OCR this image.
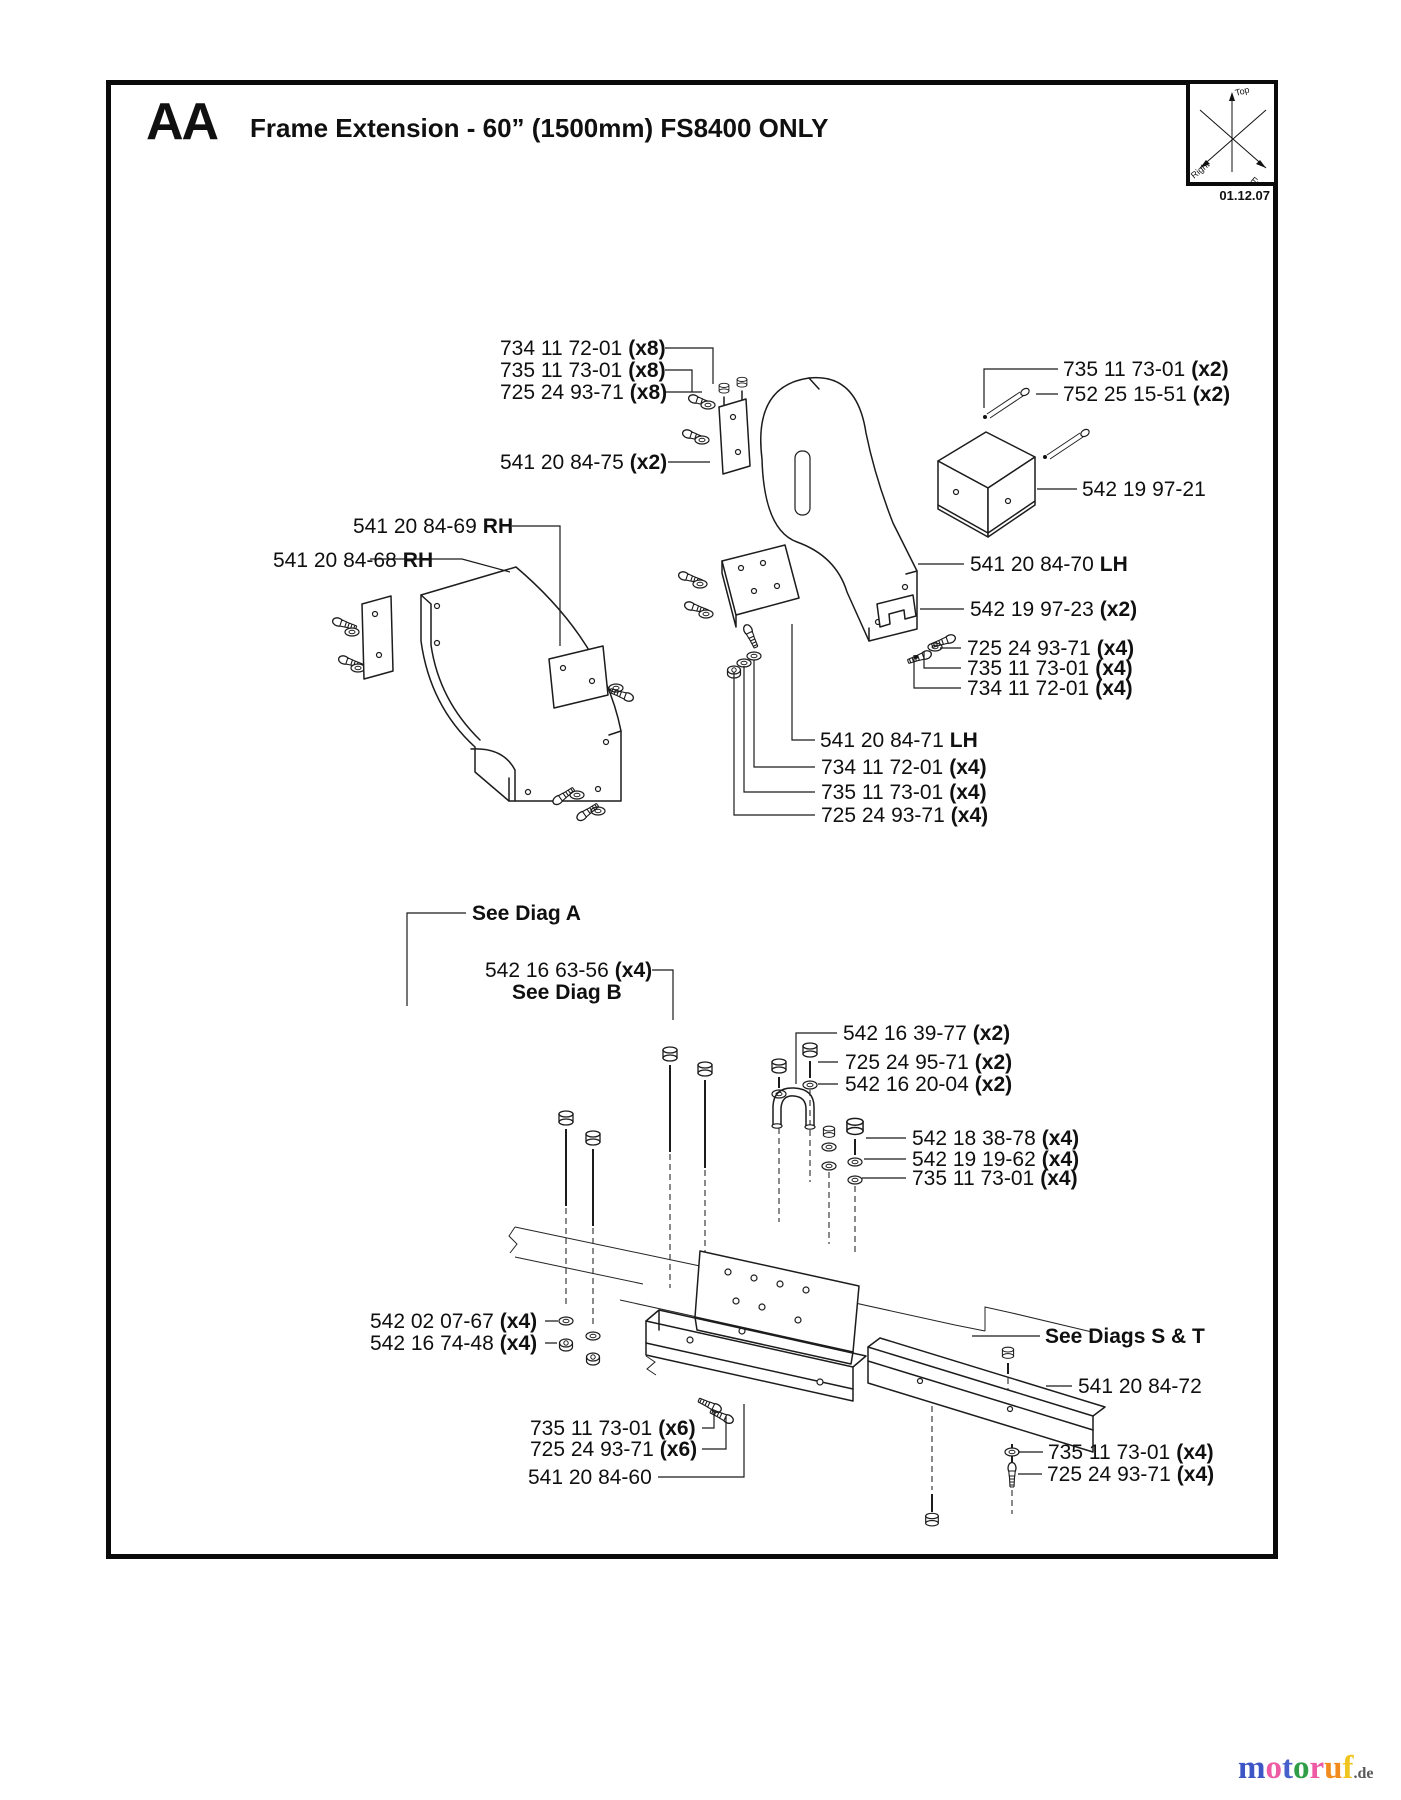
AA Frame Extension - 60” (1500mm) FS8400 ONLY
Top
Right
01.12.07
734 11 72-01 (x8)
735 11 73-01 (x8)
725 24 93-71 (x8)
541 20 84-75 (x2)
735 11 73-01 (x2)
752 25 15-51 (x2)
542 19 97-21
541 20 84-69 RH
541 20 84-68 RH	541 20 84-70 LH
542 19 97-23 (x2)
725 24 93-71 (x4)
735 11 73-01 (x4)
734 11 72-01 (x4)
541 20 84-71 LH
734 11 72-01 (x4)
735 11 73-01 (x4)
725 24 93-71 (x4)
See Diag A
542 16 63-56 (x4)
See Diag B
542 16 39-77 (x2)
725 24 95-71 (x2)
542 16 20-04 (x2)
542 18 38-78 (x4)
542 19 19-62 (x4)
735 11 73-01 (x4)
542 02 07-67 (x4)
542 16 74-48 (x4)	See Diags S & T
541 20 84-72
735 11 73-01 (x6)
725 24 93-71 (x6)
541 20 84-60
735 11 73-01 (x4)
725 24 93-71 (x4)
motoruf.de
